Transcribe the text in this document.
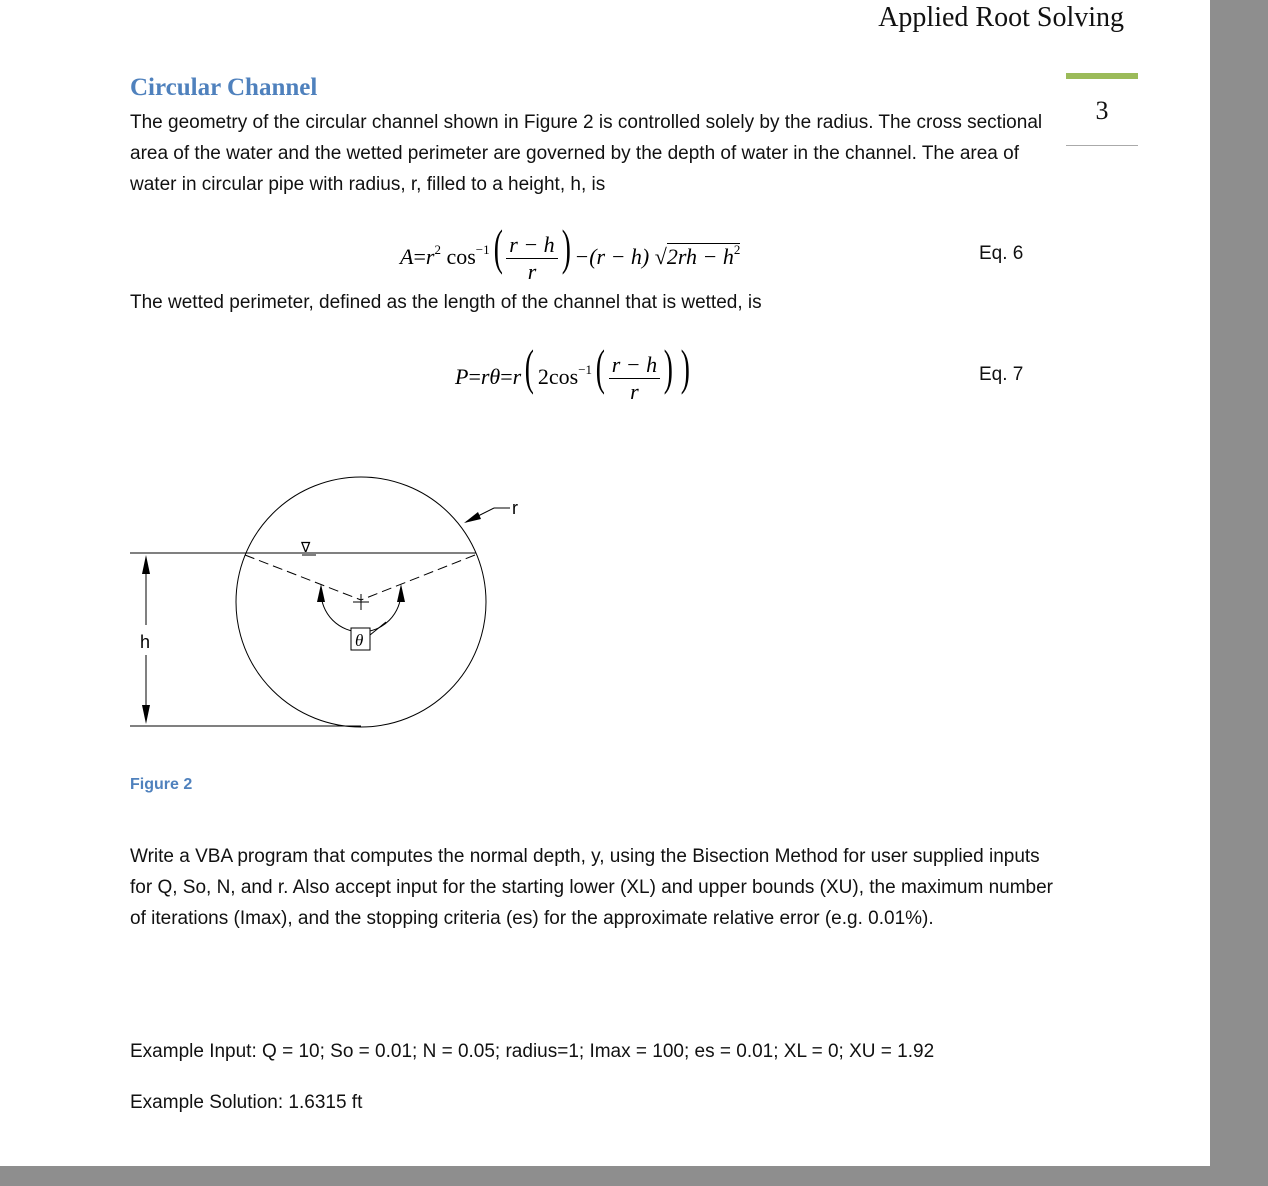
Applied Root Solving
3
Circular Channel

The geometry of the circular channel shown in Figure 2 is controlled solely by the radius. The cross sectional area of the water and the wetted perimeter are governed by the depth of water in the channel. The area of water in circular pipe with radius, r, filled to a height, h, is

$A=r^2$ $\cos^{-1}( \frac{r - h}{r}$ ) −(r − h) $√2rh - h^2$	Eq. 6

The wetted perimeter, defined as the length of the channel that is wetted, is

P=rθ=r( $2\cos^{-1}( \frac{r - h}{r}$ ) )	Eq. 7
h	θ
r
∇
Figure 2

Write a VBA program that computes the normal depth, y, using the Bisection Method for user supplied inputs for Q, So, N, and r. Also accept input for the starting lower (XL) and upper bounds (XU), the maximum number of iterations (Imax), and the stopping criteria (es) for the approximate relative error (e.g. 0.01%).

Example Input: Q = 10; So = 0.01; N = 0.05; radius=1; Imax = 100; es = 0.01; XL = 0; XU = 1.92

Example Solution: 1.6315 ft
